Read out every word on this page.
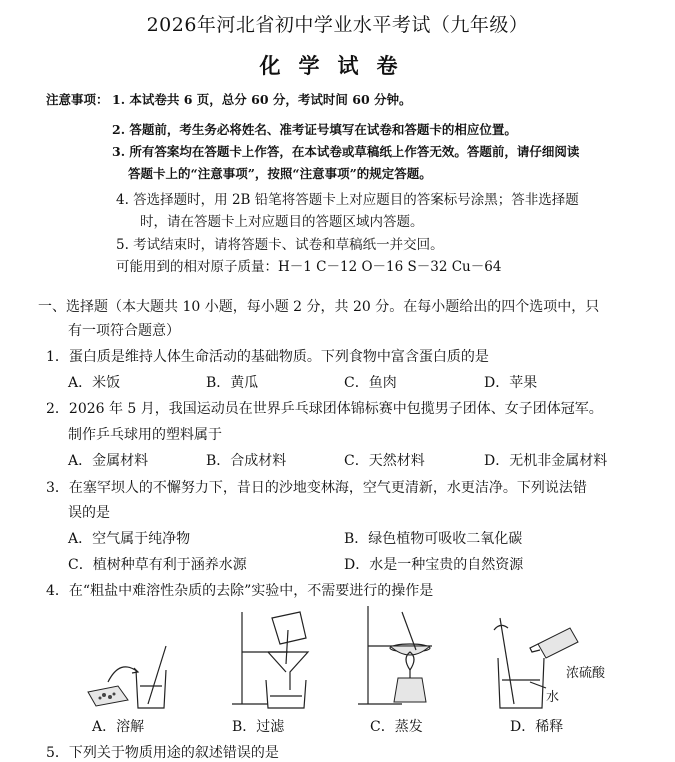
2026年河北省初中学业水平考试（九年级）
化学试卷
注意事项： 1. 本试卷共 6 页，总分 60 分，考试时间 60 分钟。
2. 答题前，考生务必将姓名、准考证号填写在试卷和答题卡的相应位置。
3. 所有答案均在答题卡上作答，在本试卷或草稿纸上作答无效。答题前，请仔细阅读
答题卡上的“注意事项”，按照“注意事项”的规定答题。
4. 答选择题时，用 2B 铅笔将答题卡上对应题目的答案标号涂黑；答非选择题
时，请在答题卡上对应题目的答题区域内答题。
5. 考试结束时，请将答题卡、试卷和草稿纸一并交回。
可能用到的相对原子质量：H－1 C－12 O－16 S－32 Cu－64
一、选择题（本大题共 10 小题，每小题 2 分，共 20 分。在每小题给出的四个选项中，只
有一项符合题意）
1．蛋白质是维持人体生命活动的基础物质。下列食物中富含蛋白质的是
A．米饭	B．黄瓜	C．鱼肉	D．苹果
2．2026 年 5 月，我国运动员在世界乒乓球团体锦标赛中包揽男子团体、女子团体冠军。
制作乒乓球用的塑料属于
A．金属材料	B．合成材料	C．天然材料	D．无机非金属材料
3．在塞罕坝人的不懈努力下，昔日的沙地变林海，空气更清新，水更洁净。下列说法错
误的是
A．空气属于纯净物	B．绿色植物可吸收二氧化碳
C．植树种草有利于涵养水源	D．水是一种宝贵的自然资源
4．在“粗盐中难溶性杂质的去除”实验中，不需要进行的操作是
A．溶解	B．过滤	C．蒸发
浓硫酸
水
D．稀释
5．下列关于物质用途的叙述错误的是
